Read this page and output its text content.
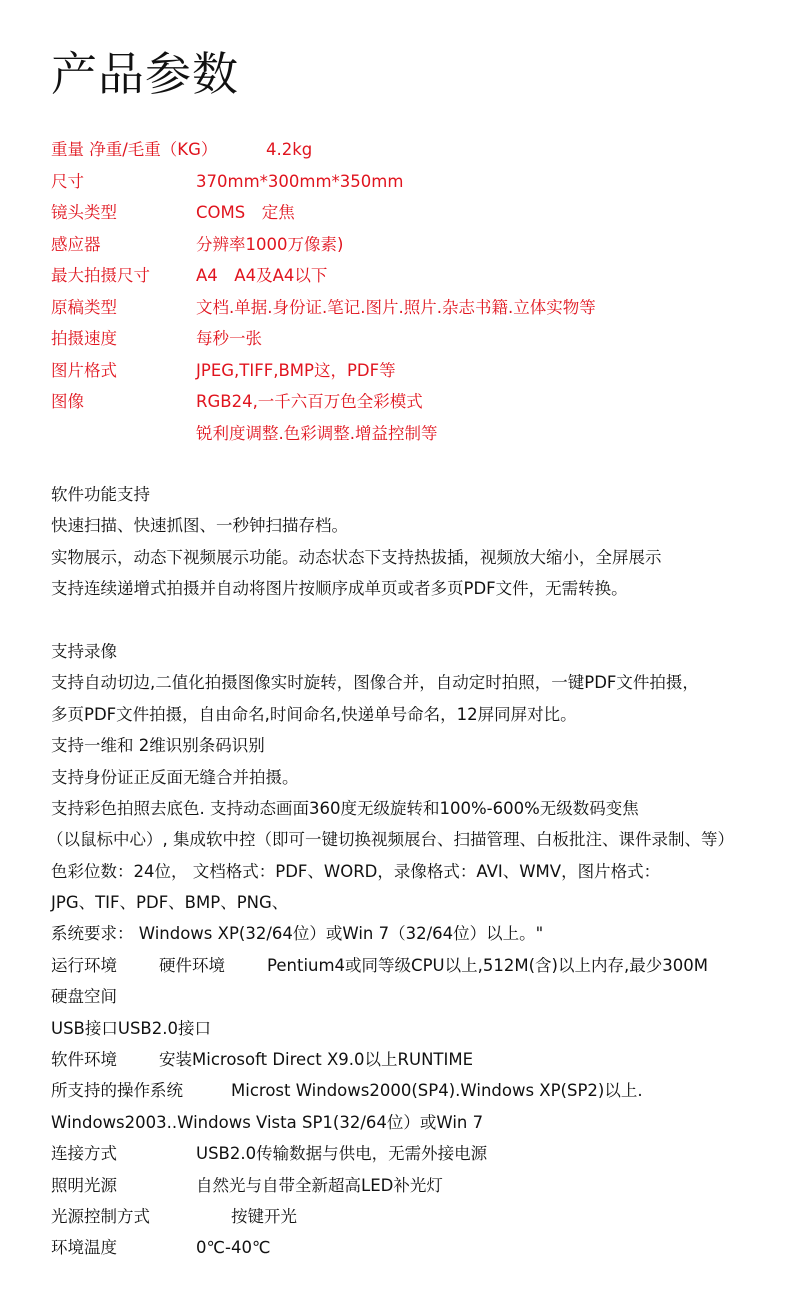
产品参数
重量 净重/毛重（KG）	4.2kg
尺寸	370mm*300mm*350mm
镜头类型	COMS　定焦
感应器	分辨率1000万像素)
最大拍摄尺寸	A4　A4及A4以下
原稿类型	文档.单据.身份证.笔记.图片.照片.杂志书籍.立体实物等
拍摄速度	每秒一张
图片格式	JPEG,TIFF,BMP这，PDF等
图像	RGB24,一千六百万色全彩模式
锐利度调整.色彩调整.增益控制等
软件功能支持
快速扫描、快速抓图、一秒钟扫描存档。
实物展示，动态下视频展示功能。动态状态下支持热拔插，视频放大缩小，全屏展示
支持连续递增式拍摄并自动将图片按顺序成单页或者多页PDF文件，无需转换。
支持录像
支持自动切边,二值化拍摄图像实时旋转，图像合并，自动定时拍照，一键PDF文件拍摄，
多页PDF文件拍摄，自由命名,时间命名,快递单号命名，12屏同屏对比。
支持一维和 2维识别条码识别
支持身份证正反面无缝合并拍摄。
支持彩色拍照去底色. 支持动态画面360度无级旋转和100%-600%无级数码变焦
（以鼠标中心）, 集成软中控（即可一键切换视频展台、扫描管理、白板批注、课件录制、等）
色彩位数：24位， 文档格式：PDF、WORD，录像格式：AVI、WMV，图片格式：
JPG、TIF、PDF、BMP、PNG、
系统要求： Windows XP(32/64位）或Win 7（32/64位）以上。"
运行环境	硬件环境	Pentium4或同等级CPU以上,512M(含)以上内存,最少300M
硬盘空间
USB接口USB2.0接口
软件环境	安装Microsoft Direct X9.0以上RUNTIME
所支持的操作系统	Microst Windows2000(SP4).Windows XP(SP2)以上.
Windows2003..Windows Vista SP1(32/64位）或Win 7
连接方式	USB2.0传输数据与供电，无需外接电源
照明光源	自然光与自带全新超高LED补光灯
光源控制方式	按键开光
环境温度	0℃-40℃
